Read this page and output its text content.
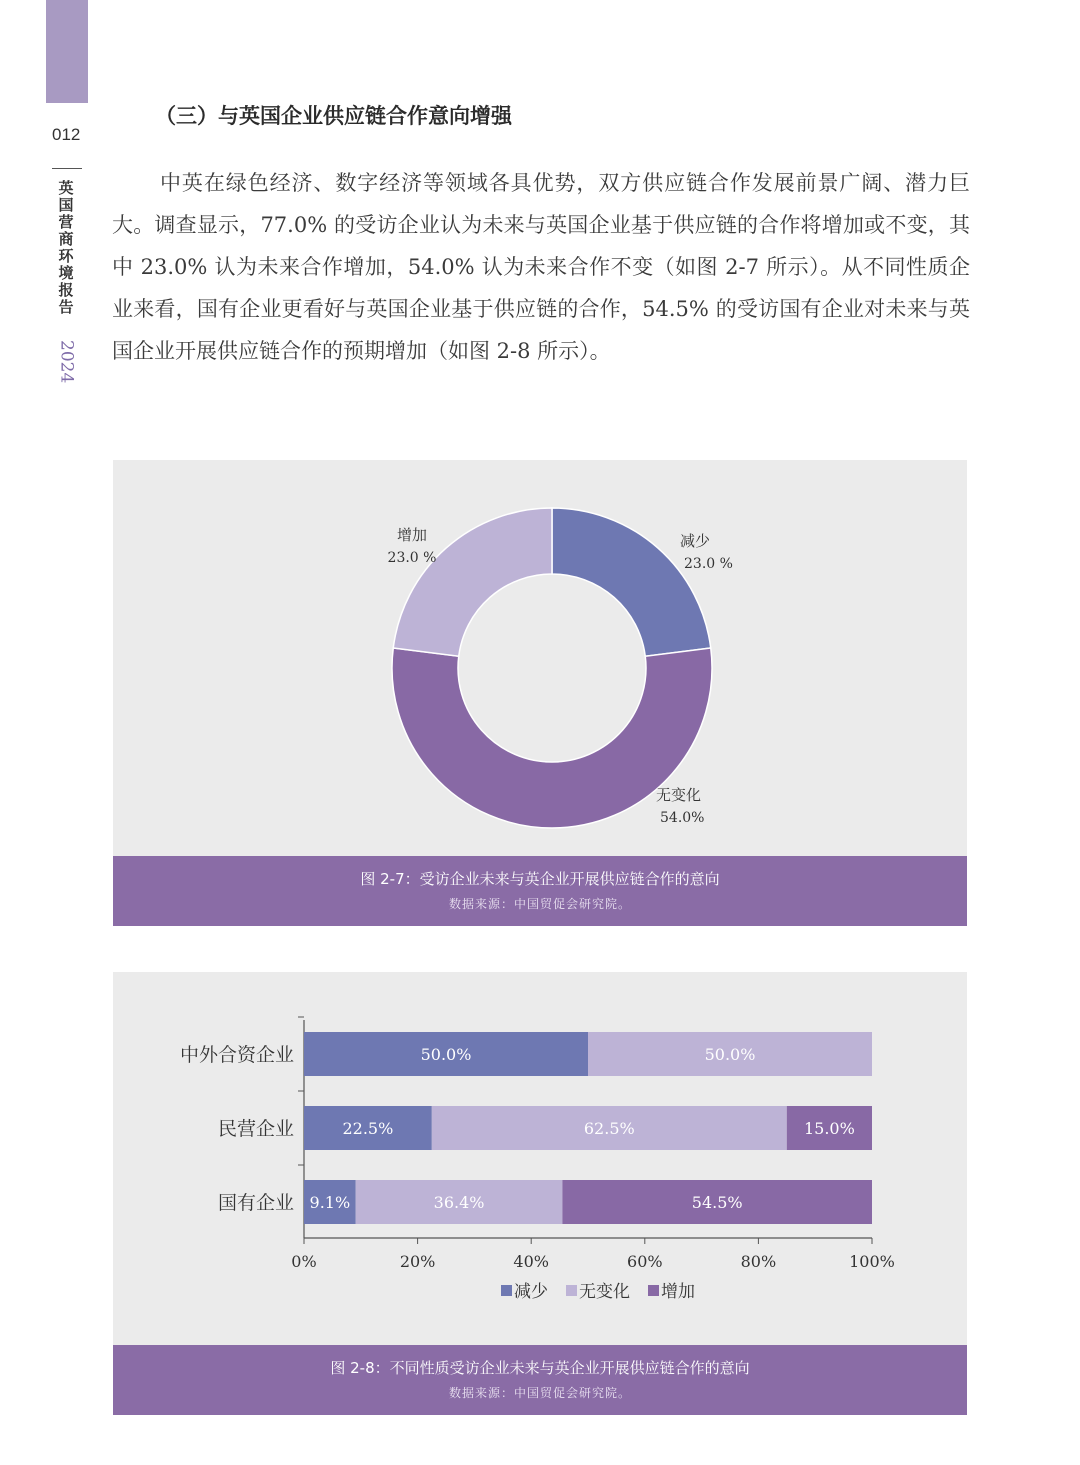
012
英国营商环境报告
2024
（三）与英国企业供应链合作意向增强

中英在绿色经济、数字经济等领域各具优势，双方供应链合作发展前景广阔、潜力巨大。调查显示，77.0% 的受访企业认为未来与英国企业基于供应链的合作将增加或不变，其中 23.0% 认为未来合作增加，54.0% 认为未来合作不变（如图 2-7 所示）。从不同性质企业来看，国有企业更看好与英国企业基于供应链的合作，54.5% 的受访国有企业对未来与英国企业开展供应链合作的预期增加（如图 2-8 所示）。

减少
23.0 %
无变化
54.0%
增加
23.0 %
图 2-7：受访企业未来与英企业开展供应链合作的意向
数据来源：中国贸促会研究院。
中外合资企业	50.0%	50.0%
民营企业	22.5%	62.5%	15.0%
国有企业 9.1%	36.4%	54.5%
0%	20%	40%	60%	80%	100%
减少 无变化 增加
图 2-8：不同性质受访企业未来与英企业开展供应链合作的意向
数据来源：中国贸促会研究院。
